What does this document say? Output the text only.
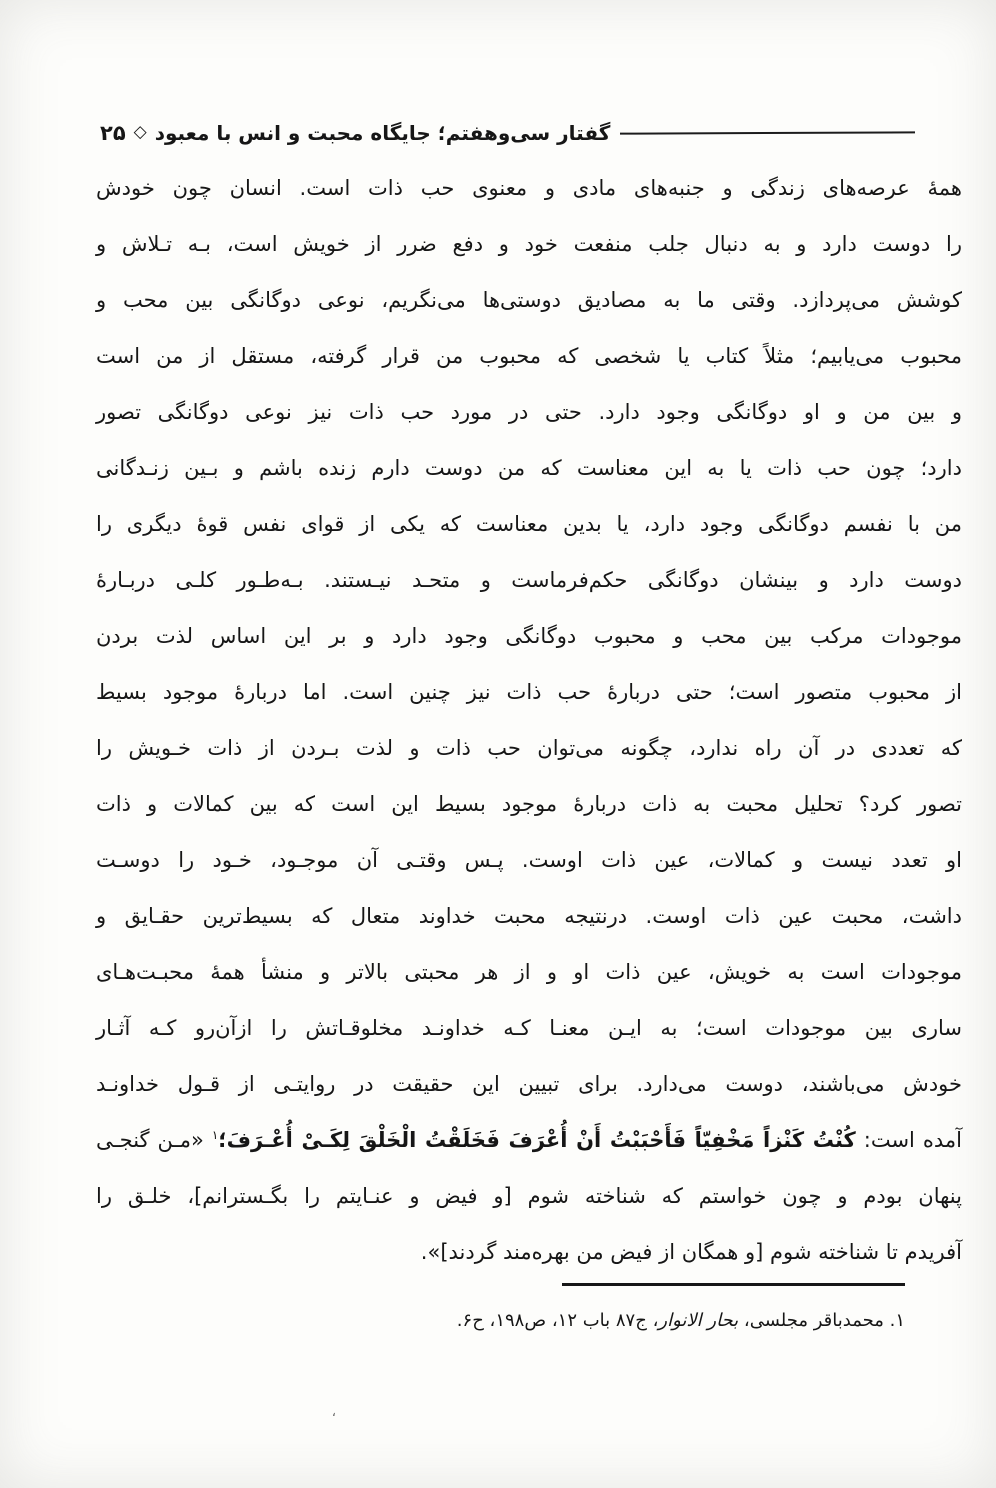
گفتار سی‌وهفتم؛ جایگاه محبت و انس با معبود
◇
۲۵
همهٔ عرصه‌های زندگی و جنبه‌های مادی و معنوی حب ذات است. انسان چون خودش
را دوست دارد و به دنبال جلب منفعت خود و دفع ضرر از خویش است، بـه تـلاش و
کوشش می‌پردازد. وقتی ما به مصادیق دوستی‌ها می‌نگریم، نوعی دوگانگی بین محب و
محبوب می‌یابیم؛ مثلاً کتاب یا شخصی که محبوب من قرار گرفته، مستقل از من است
و بین من و او دوگانگی وجود دارد. حتی در مورد حب ذات نیز نوعی دوگانگی تصور
دارد؛ چون حب ذات یا به این معناست که من دوست دارم زنده باشم و بـین زنـدگانی
من با نفسم دوگانگی وجود دارد، یا بدین معناست که یکی از قوای نفس قوهٔ دیگری را
دوست دارد و بینشان دوگانگی حکم‌فرماست و متحـد نیـستند. بـه‌طـور کلـی دربـارهٔ
موجودات مرکب بین محب و محبوب دوگانگی وجود دارد و بر این اساس لذت بردن
از محبوب متصور است؛ حتی دربارهٔ حب ذات نیز چنین است. اما دربارهٔ موجود بسیط
که تعددی در آن راه ندارد، چگونه می‌توان حب ذات و لذت بـردن از ذات خـویش را
تصور کرد؟ تحلیل محبت به ذات دربارهٔ موجود بسیط این است که بین کمالات و ذات
او تعدد نیست و کمالات، عین ذات اوست. پـس وقتـی آن موجـود، خـود را دوسـت
داشت، محبت عین ذات اوست. درنتیجه محبت خداوند متعال که بسیط‌ترین حقـایق و
موجودات است به خویش، عین ذات او و از هر محبتی بالاتر و منشأ همهٔ محبـت‌هـای
ساری بین موجودات است؛ به ایـن معنـا کـه خداونـد مخلوقـاتش را ازآن‌رو کـه آثـار
خودش می‌باشند، دوست می‌دارد. برای تبیین این حقیقت در روایتـی از قـول خداونـد
آمده است: کُنْتُ کَنْزاً مَخْفِیّاً فَأَحْبَبْتُ أَنْ أُعْرَفَ فَخَلَقْتُ الْخَلْقَ لِکَـیْ أُعْـرَفَ؛$^۱$ «مـن گنجـی
پنهان بودم و چون خواستم که شناخته شوم [و فیض و عنـایتم را بگـسترانم]، خلـق را
آفریدم تا شناخته شوم [و همگان از فیض من بهره‌مند گردند]».
۱. محمدباقر مجلسی، بحار الانوار، ج۸۷ باب ۱۲، ص۱۹۸، ح۶.
،
